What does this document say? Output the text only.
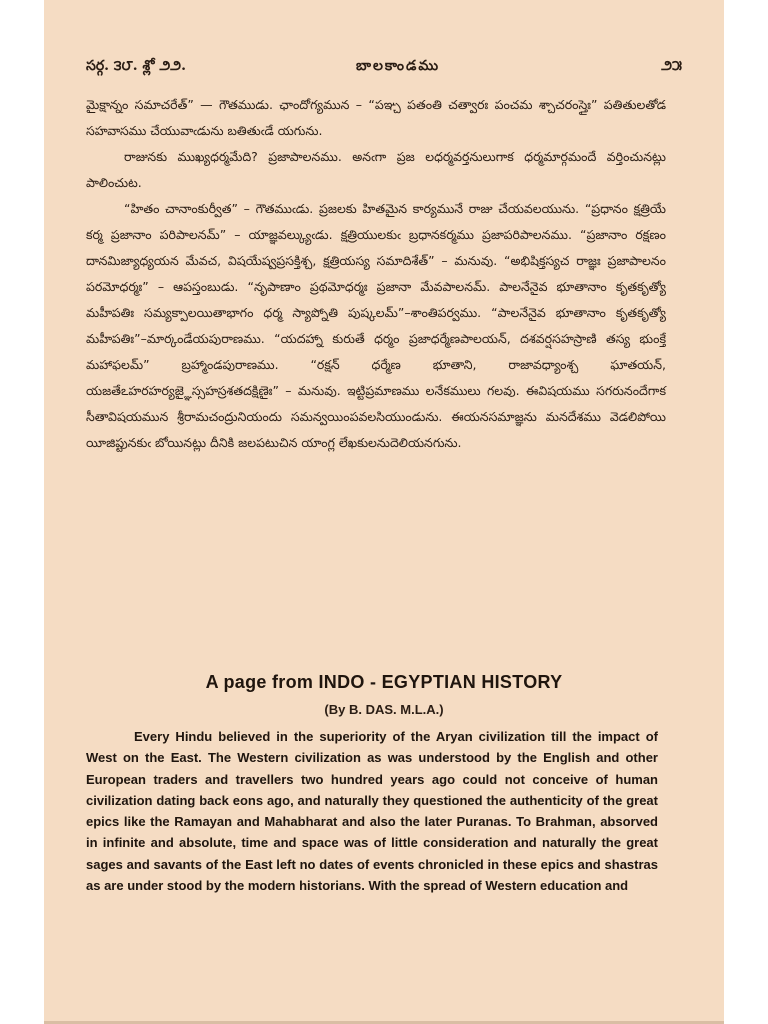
సర్గ. ౩౮. శ్లో ౨౨.	బాలకాండము	౨౫

మైక్షాన్నం సమాచరేత్” — గౌతముడు. ఛాందోగ్యమున – “పఞ్చ పతంతి చత్వారః పంచమ శ్చాచరంస్తైః” పతితులతోడ సహవాసము చేయువాఁడును బతితుఁడే యగును.

రాజునకు ముఖ్యధర్మమేది? ప్రజాపాలనము. అనఁగా ప్రజ లధర్మవర్తనులుగాక ధర్మమార్గమందే వర్తించునట్లు పాలించుట.

“హితం చానాంకుర్వీత” – గౌతముఁడు. ప్రజలకు హితమైన కార్యమునే రాజు చేయవలయును. “ప్రధానం క్షత్రియే కర్మ ప్రజానాం పరిపాలనమ్” – యాజ్ఞవల్క్యుఁడు. క్షత్రియులకుఁ బ్రధానకర్మము ప్రజాపరిపాలనము. “ప్రజానాం రక్షణం దానమిజ్యాధ్యయన మేవచ, విషయేష్వప్రసక్తిశ్చ, క్షత్రియస్య సమాదిశేత్” – మనువు. “అభిషిక్తస్యచ రాజ్ఞః ప్రజాపాలనం పరమోధర్మః” – ఆపస్తంబుడు. “నృపాణాం ప్రథమోధర్మః ప్రజానా మేవపాలనమ్. పాలనేనైవ భూతానాం కృతకృత్యో మహీపతిః సమ్యక్పాలయితాభాగం ధర్మ స్యాప్నోతి పుష్కలమ్”–శాంతిపర్వము. “పాలనేనైవ భూతానాం కృతకృత్యో మహీపతిః”–మార్కండేయపురాణము. “యదహ్నా కురుతే ధర్మం ప్రజాధర్మేణపాలయన్, దశవర్షసహస్రాణి తస్య భుంక్తే మహాఫలమ్” బ్రహ్మాండపురాణము. “రక్షన్ ధర్మేణ భూతాని, రాజావధ్యాంశ్చ ఘాతయన్, యజతేఽహరహర్యజ్ఞైస్సహస్రశతదక్షిణైః” – మనువు. ఇట్టిప్రమాణము లనేకములు గలవు. ఈవిషయము సగరునందేగాక సీతావిషయమున శ్రీరామచంద్రునియందు సమన్వయింపవలసియుండును. ఈయనసమాజ్ఞను మనదేశము వెడలిపోయి యీజిప్టునకుఁ బోయినట్లు దీనికి జలపటుచిన యాంగ్ల లేఖకులనుదెలియనగును.

A page from INDO - EGYPTIAN HISTORY
(By B. DAS. M.L.A.)

Every Hindu believed in the superiority of the Aryan civilization till the impact of West on the East. The Western civilization as was understood by the English and other European traders and travellers two hundred years ago could not conceive of human civilization dating back eons ago, and naturally they questioned the authenticity of the great epics like the Ramayan and Mahabharat and also the later Puranas. To Brahman, absorved in infinite and absolute, time and space was of little consideration and naturally the great sages and savants of the East left no dates of events chronicled in these epics and shastras as are under stood by the modern historians. With the spread of Western education and
